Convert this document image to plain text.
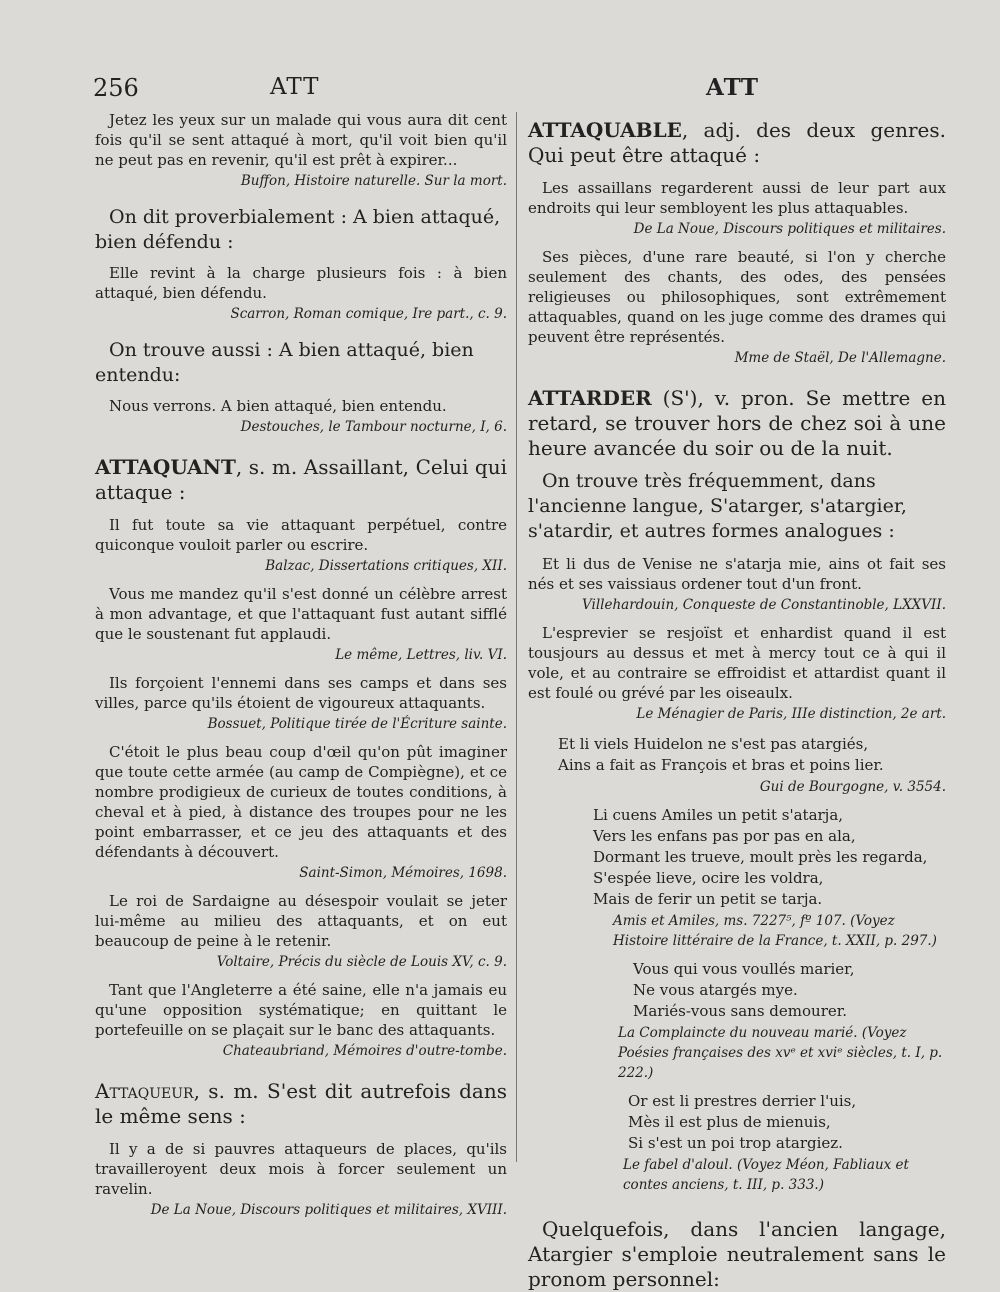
256	ATT	ATT

Jetez les yeux sur un malade qui vous aura dit cent fois qu'il se sent attaqué à mort, qu'il voit bien qu'il ne peut pas en revenir, qu'il est prêt à expirer...

Buffon, Histoire naturelle. Sur la mort.

On dit proverbialement : A bien attaqué, bien défendu :

Elle revint à la charge plusieurs fois : à bien attaqué, bien défendu.

Scarron, Roman comique, Ire part., c. 9.

On trouve aussi : A bien attaqué, bien entendu:

Nous verrons. A bien attaqué, bien entendu.

Destouches, le Tambour nocturne, I, 6.

ATTAQUANT, s. m. Assaillant, Celui qui attaque :

Il fut toute sa vie attaquant perpétuel, contre quiconque vouloit parler ou escrire.

Balzac, Dissertations critiques, XII.

Vous me mandez qu'il s'est donné un célèbre arrest à mon advantage, et que l'attaquant fust autant sifflé que le soustenant fut applaudi.

Le même, Lettres, liv. VI.

Ils forçoient l'ennemi dans ses camps et dans ses villes, parce qu'ils étoient de vigoureux attaquants.

Bossuet, Politique tirée de l'Écriture sainte.

C'étoit le plus beau coup d'œil qu'on pût imaginer que toute cette armée (au camp de Compiègne), et ce nombre prodigieux de curieux de toutes conditions, à cheval et à pied, à distance des troupes pour ne les point embarrasser, et ce jeu des attaquants et des défendants à découvert.

Saint-Simon, Mémoires, 1698.

Le roi de Sardaigne au désespoir voulait se jeter lui-même au milieu des attaquants, et on eut beaucoup de peine à le retenir.

Voltaire, Précis du siècle de Louis XV, c. 9.

Tant que l'Angleterre a été saine, elle n'a jamais eu qu'une opposition systématique; en quittant le portefeuille on se plaçait sur le banc des attaquants.

Chateaubriand, Mémoires d'outre-tombe.

Attaqueur, s. m. S'est dit autrefois dans le même sens :

Il y a de si pauvres attaqueurs de places, qu'ils travailleroyent deux mois à forcer seulement un ravelin.

De La Noue, Discours politiques et militaires, XVIII.

ATTAQUABLE, adj. des deux genres. Qui peut être attaqué :

Les assaillans regarderent aussi de leur part aux endroits qui leur sembloyent les plus attaquables.

De La Noue, Discours politiques et militaires.

Ses pièces, d'une rare beauté, si l'on y cherche seulement des chants, des odes, des pensées religieuses ou philosophiques, sont extrêmement attaquables, quand on les juge comme des drames qui peuvent être représentés.

Mme de Staël, De l'Allemagne.

ATTARDER (S'), v. pron. Se mettre en retard, se trouver hors de chez soi à une heure avancée du soir ou de la nuit.

On trouve très fréquemment, dans l'ancienne langue, S'atarger, s'atargier, s'atardir, et autres formes analogues :

Et li dus de Venise ne s'atarja mie, ains ot fait ses nés et ses vaissiaus ordener tout d'un front.

Villehardouin, Conqueste de Constantinoble, LXXVII.

L'esprevier se resjoïst et enhardist quand il est tousjours au dessus et met à mercy tout ce à qui il vole, et au contraire se effroidist et attardist quant il est foulé ou grévé par les oiseaulx.

Le Ménagier de Paris, IIIe distinction, 2e art.

Et li viels Huidelon ne s'est pas atargiés,
Ains a fait as François et bras et poins lier.

Gui de Bourgogne, v. 3554.

Li cuens Amiles un petit s'atarja,
Vers les enfans pas por pas en ala,
Dormant les trueve, moult près les regarda,
S'espée lieve, ocire les voldra,
Mais de ferir un petit se tarja.

Amis et Amiles, ms. 7227⁵, fº 107. (Voyez Histoire littéraire de la France, t. XXII, p. 297.)

Vous qui vous voullés marier,
Ne vous atargés mye.
Mariés-vous sans demourer.

La Complaincte du nouveau marié. (Voyez Poésies françaises des xvᵉ et xviᵉ siècles, t. I, p. 222.)

Or est li prestres derrier l'uis,
Mès il est plus de mienuis,
Si s'est un poi trop atargiez.

Le fabel d'aloul. (Voyez Méon, Fabliaux et contes anciens, t. III, p. 333.)

Quelquefois, dans l'ancien langage, Atargier s'emploie neutralement sans le pronom personnel:
